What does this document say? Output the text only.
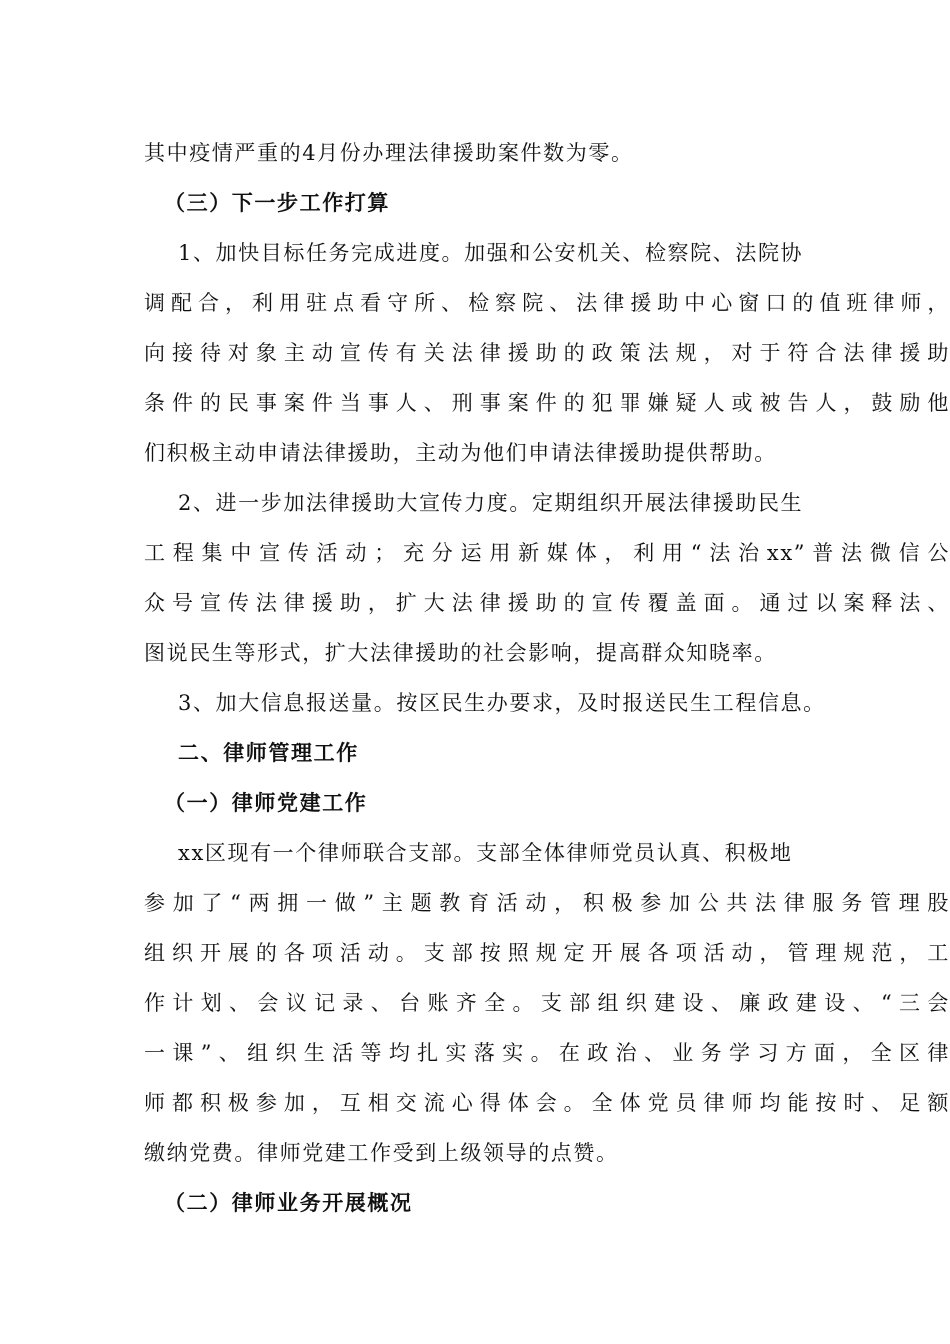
其中疫情严重的4月份办理法律援助案件数为零。
（三）下一步工作打算
1、加快目标任务完成进度。加强和公安机关、检察院、法院协
调配合，利用驻点看守所、检察院、法律援助中心窗口的值班律师，
向接待对象主动宣传有关法律援助的政策法规，对于符合法律援助
条件的民事案件当事人、刑事案件的犯罪嫌疑人或被告人，鼓励他
们积极主动申请法律援助，主动为他们申请法律援助提供帮助。
2、进一步加法律援助大宣传力度。定期组织开展法律援助民生
工程集中宣传活动；充分运用新媒体，利用“法治xx”普法微信公
众号宣传法律援助，扩大法律援助的宣传覆盖面。通过以案释法、
图说民生等形式，扩大法律援助的社会影响，提高群众知晓率。
3、加大信息报送量。按区民生办要求，及时报送民生工程信息。
二、律师管理工作
（一）律师党建工作
xx区现有一个律师联合支部。支部全体律师党员认真、积极地
参加了“两拥一做”主题教育活动，积极参加公共法律服务管理股
组织开展的各项活动。支部按照规定开展各项活动，管理规范，工
作计划、会议记录、台账齐全。支部组织建设、廉政建设、“三会
一课”、组织生活等均扎实落实。在政治、业务学习方面，全区律
师都积极参加，互相交流心得体会。全体党员律师均能按时、足额
缴纳党费。律师党建工作受到上级领导的点赞。
（二）律师业务开展概况
